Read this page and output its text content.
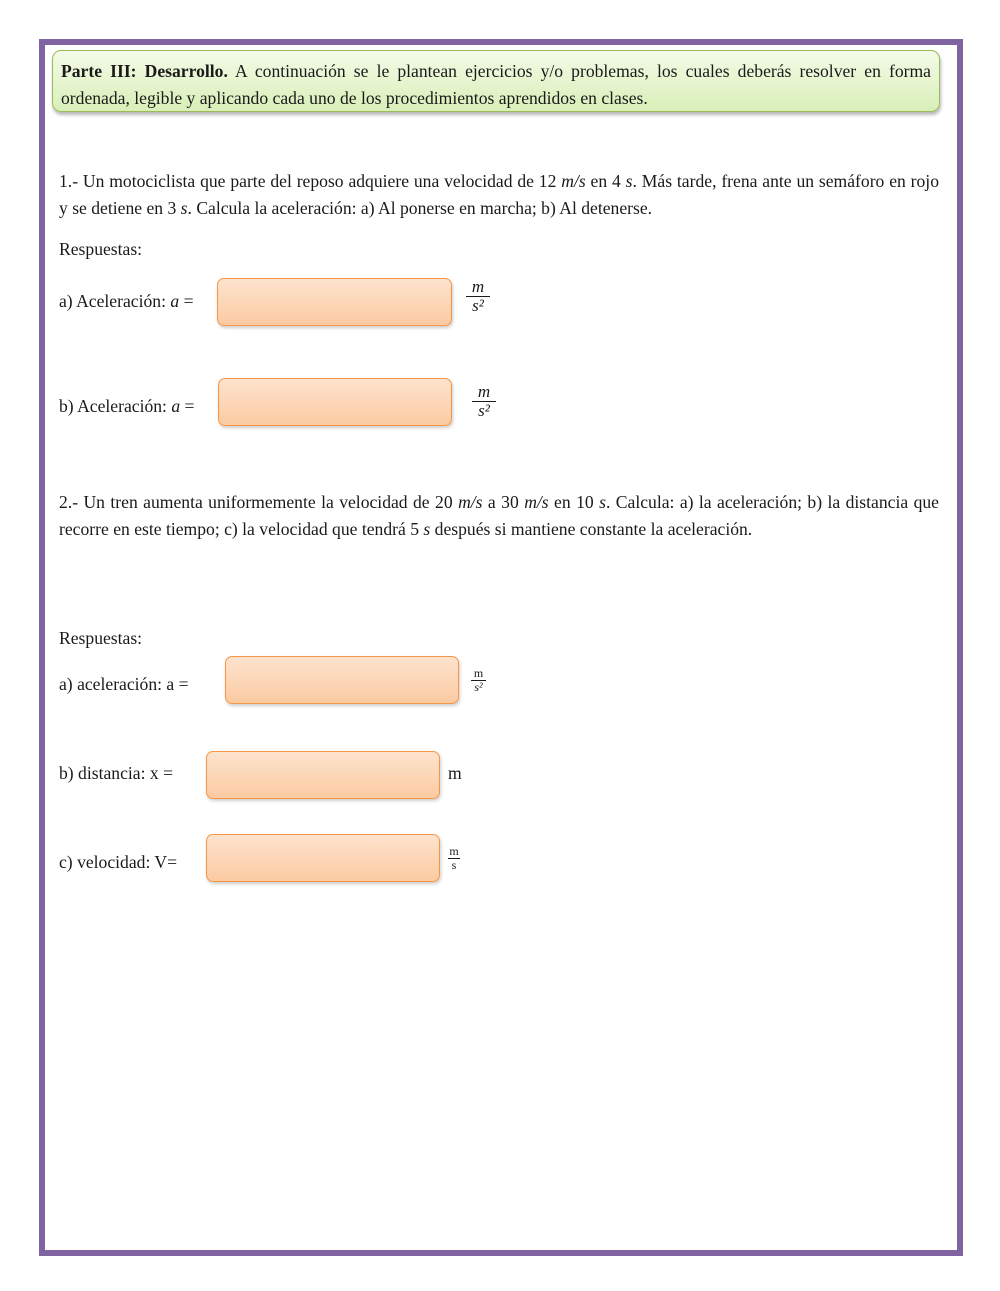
Parte III: Desarrollo. A continuación se le plantean ejercicios y/o problemas, los cuales deberás resolver en forma ordenada, legible y aplicando cada uno de los procedimientos aprendidos en clases.
1.- Un motociclista que parte del reposo adquiere una velocidad de 12 m/s en 4 s. Más tarde, frena ante un semáforo en rojo y se detiene en 3 s. Calcula la aceleración: a) Al ponerse en marcha; b) Al detenerse.
Respuestas:
a) Aceleración: a =
m
s²
b) Aceleración: a =
m
s²
2.- Un tren aumenta uniformemente la velocidad de 20 m/s a 30 m/s en 10 s. Calcula: a) la aceleración; b) la distancia que recorre en este tiempo; c) la velocidad que tendrá 5 s después si mantiene constante la aceleración.
Respuestas:
a) aceleración: a =
m
s²
b) distancia: x =	m
c) velocidad: V=
m
s
